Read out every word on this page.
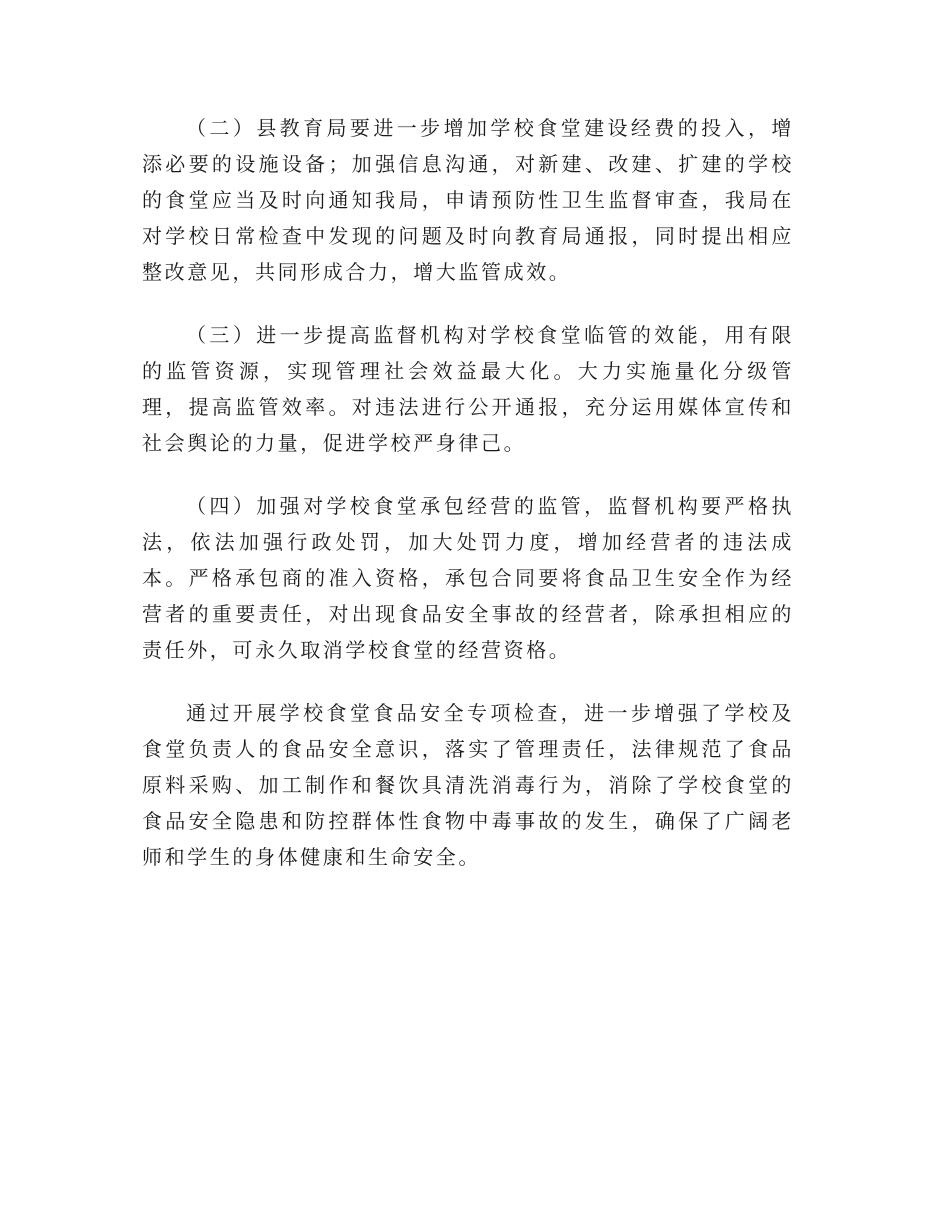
（二）县教育局要进一步增加学校食堂建设经费的投入，增添必要的设施设备；加强信息沟通，对新建、改建、扩建的学校的食堂应当及时向通知我局，申请预防性卫生监督审查，我局在对学校日常检查中发现的问题及时向教育局通报，同时提出相应整改意见，共同形成合力，增大监管成效。

（三）进一步提高监督机构对学校食堂临管的效能，用有限的监管资源，实现管理社会效益最大化。大力实施量化分级管理，提高监管效率。对违法进行公开通报，充分运用媒体宣传和社会舆论的力量，促进学校严身律己。

（四）加强对学校食堂承包经营的监管，监督机构要严格执法，依法加强行政处罚，加大处罚力度，增加经营者的违法成本。严格承包商的准入资格，承包合同要将食品卫生安全作为经营者的重要责任，对出现食品安全事故的经营者，除承担相应的责任外，可永久取消学校食堂的经营资格。

通过开展学校食堂食品安全专项检查，进一步增强了学校及食堂负责人的食品安全意识，落实了管理责任，法律规范了食品原料采购、加工制作和餐饮具清洗消毒行为，消除了学校食堂的食品安全隐患和防控群体性食物中毒事故的发生，确保了广阔老师和学生的身体健康和生命安全。
